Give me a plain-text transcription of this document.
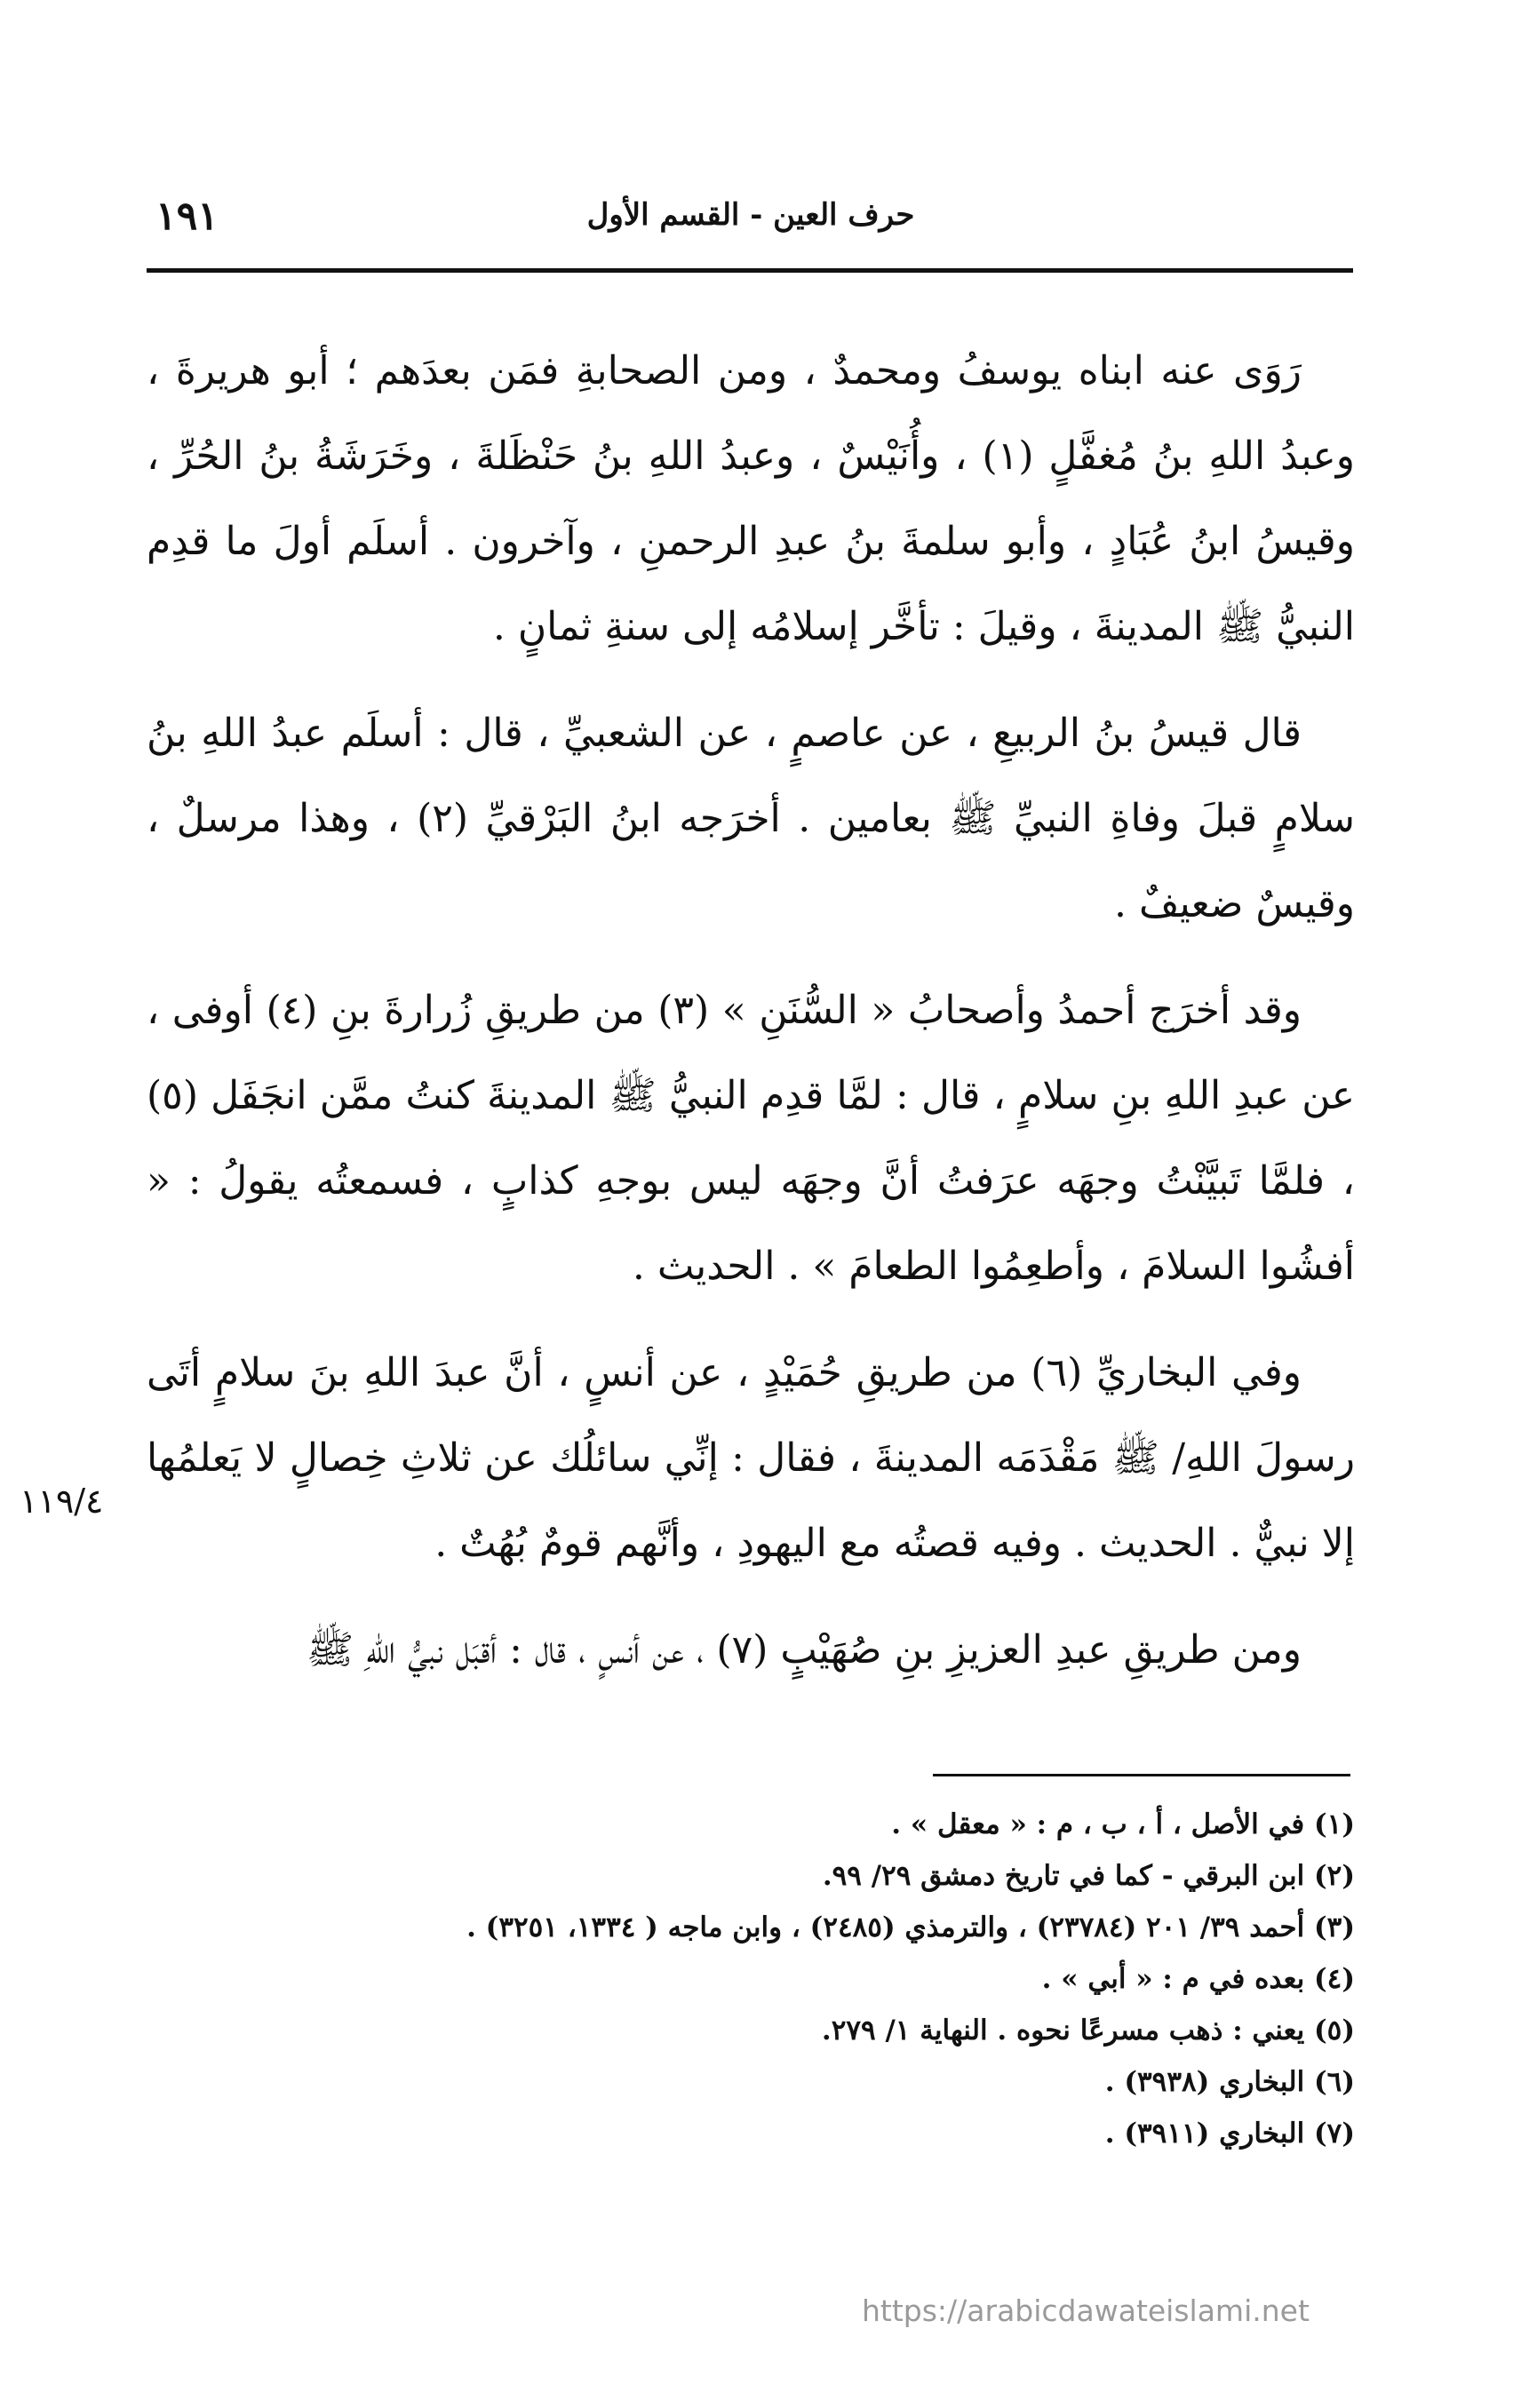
١٩١	حرف العين - القسم الأول

رَوَى عنه ابناه يوسفُ ومحمدٌ ، ومن الصحابةِ فمَن بعدَهم ؛ أبو هريرةَ ، وعبدُ اللهِ بنُ مُغفَّلٍ (١) ، وأُنَيْسٌ ، وعبدُ اللهِ بنُ حَنْظَلةَ ، وخَرَشَةُ بنُ الحُرِّ ، وقيسُ ابنُ عُبَادٍ ، وأبو سلمةَ بنُ عبدِ الرحمنِ ، وآخرون . أسلَم أولَ ما قدِم النبيُّ ﷺ المدينةَ ، وقيلَ : تأخَّر إسلامُه إلى سنةِ ثمانٍ .

قال قيسُ بنُ الربيعِ ، عن عاصمٍ ، عن الشعبيِّ ، قال : أسلَم عبدُ اللهِ بنُ سلامٍ قبلَ وفاةِ النبيِّ ﷺ بعامين . أخرَجه ابنُ البَرْقيِّ (٢) ، وهذا مرسلٌ ، وقيسٌ ضعيفٌ .

وقد أخرَج أحمدُ وأصحابُ « السُّنَنِ » (٣) من طريقِ زُرارةَ بنِ (٤) أوفى ، عن عبدِ اللهِ بنِ سلامٍ ، قال : لمَّا قدِم النبيُّ ﷺ المدينةَ كنتُ ممَّن انجَفَل (٥) ، فلمَّا تَبيَّنْتُ وجهَه عرَفتُ أنَّ وجهَه ليس بوجهِ كذابٍ ، فسمعتُه يقولُ : « أفشُوا السلامَ ، وأطعِمُوا الطعامَ » . الحديث .

وفي البخاريِّ (٦) من طريقِ حُمَيْدٍ ، عن أنسٍ ، أنَّ عبدَ اللهِ بنَ سلامٍ أتَى رسولَ اللهِ/ ﷺ مَقْدَمَه المدينةَ ، فقال : إنِّي سائلُك عن ثلاثِ خِصالٍ لا يَعلمُها إلا نبيٌّ . الحديث . وفيه قصتُه مع اليهودِ ، وأنَّهم قومٌ بُهُتٌ .

ومن طريقِ عبدِ العزيزِ بنِ صُهَيْبٍ (٧) ، عن أنسٍ ، قال : أقبَل نبيُّ اللهِ ﷺ

١١٩/٤
(١) في الأصل ، أ ، ب ، م : « معقل » .
(٢) ابن البرقي - كما في تاريخ دمشق ٢٩/ ٩٩.
(٣) أحمد ٣٩/ ٢٠١ (٢٣٧٨٤) ، والترمذي (٢٤٨٥) ، وابن ماجه ( ١٣٣٤، ٣٢٥١) .
(٤) بعده في م : « أبي » .
(٥) يعني : ذهب مسرعًا نحوه . النهاية ١/ ٢٧٩.
(٦) البخاري (٣٩٣٨) .
(٧) البخاري (٣٩١١) .
https://arabicdawateislami.net
